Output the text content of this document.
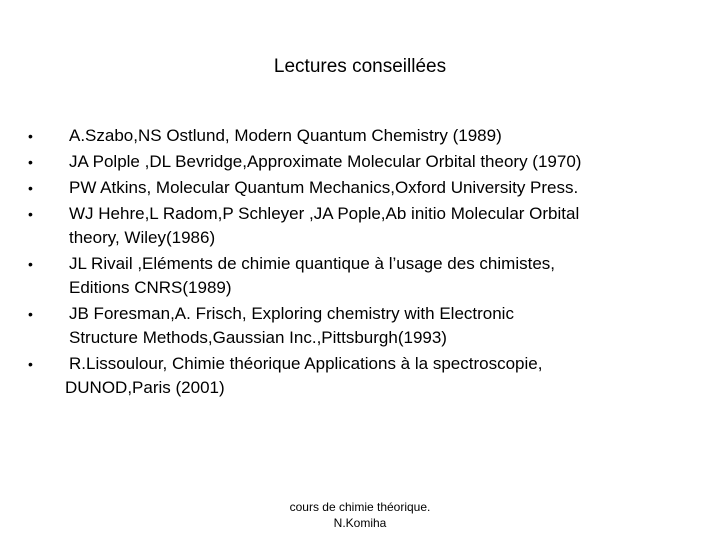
Lectures conseillées
• A.Szabo,NS Ostlund, Modern Quantum Chemistry (1989)
• JA Polple ,DL Bevridge,Approximate Molecular Orbital theory (1970)
• PW Atkins, Molecular Quantum Mechanics,Oxford University Press.
• WJ Hehre,L Radom,P Schleyer ,JA Pople,Ab initio Molecular Orbital
theory, Wiley(1986)
• JL Rivail ,Eléments de chimie quantique à l’usage des chimistes,
Editions CNRS(1989)
• JB Foresman,A. Frisch, Exploring chemistry with Electronic
Structure Methods,Gaussian Inc.,Pittsburgh(1993)
• R.Lissoulour, Chimie théorique Applications à la spectroscopie,
DUNOD,Paris (2001)
cours de chimie théorique.
N.Komiha
